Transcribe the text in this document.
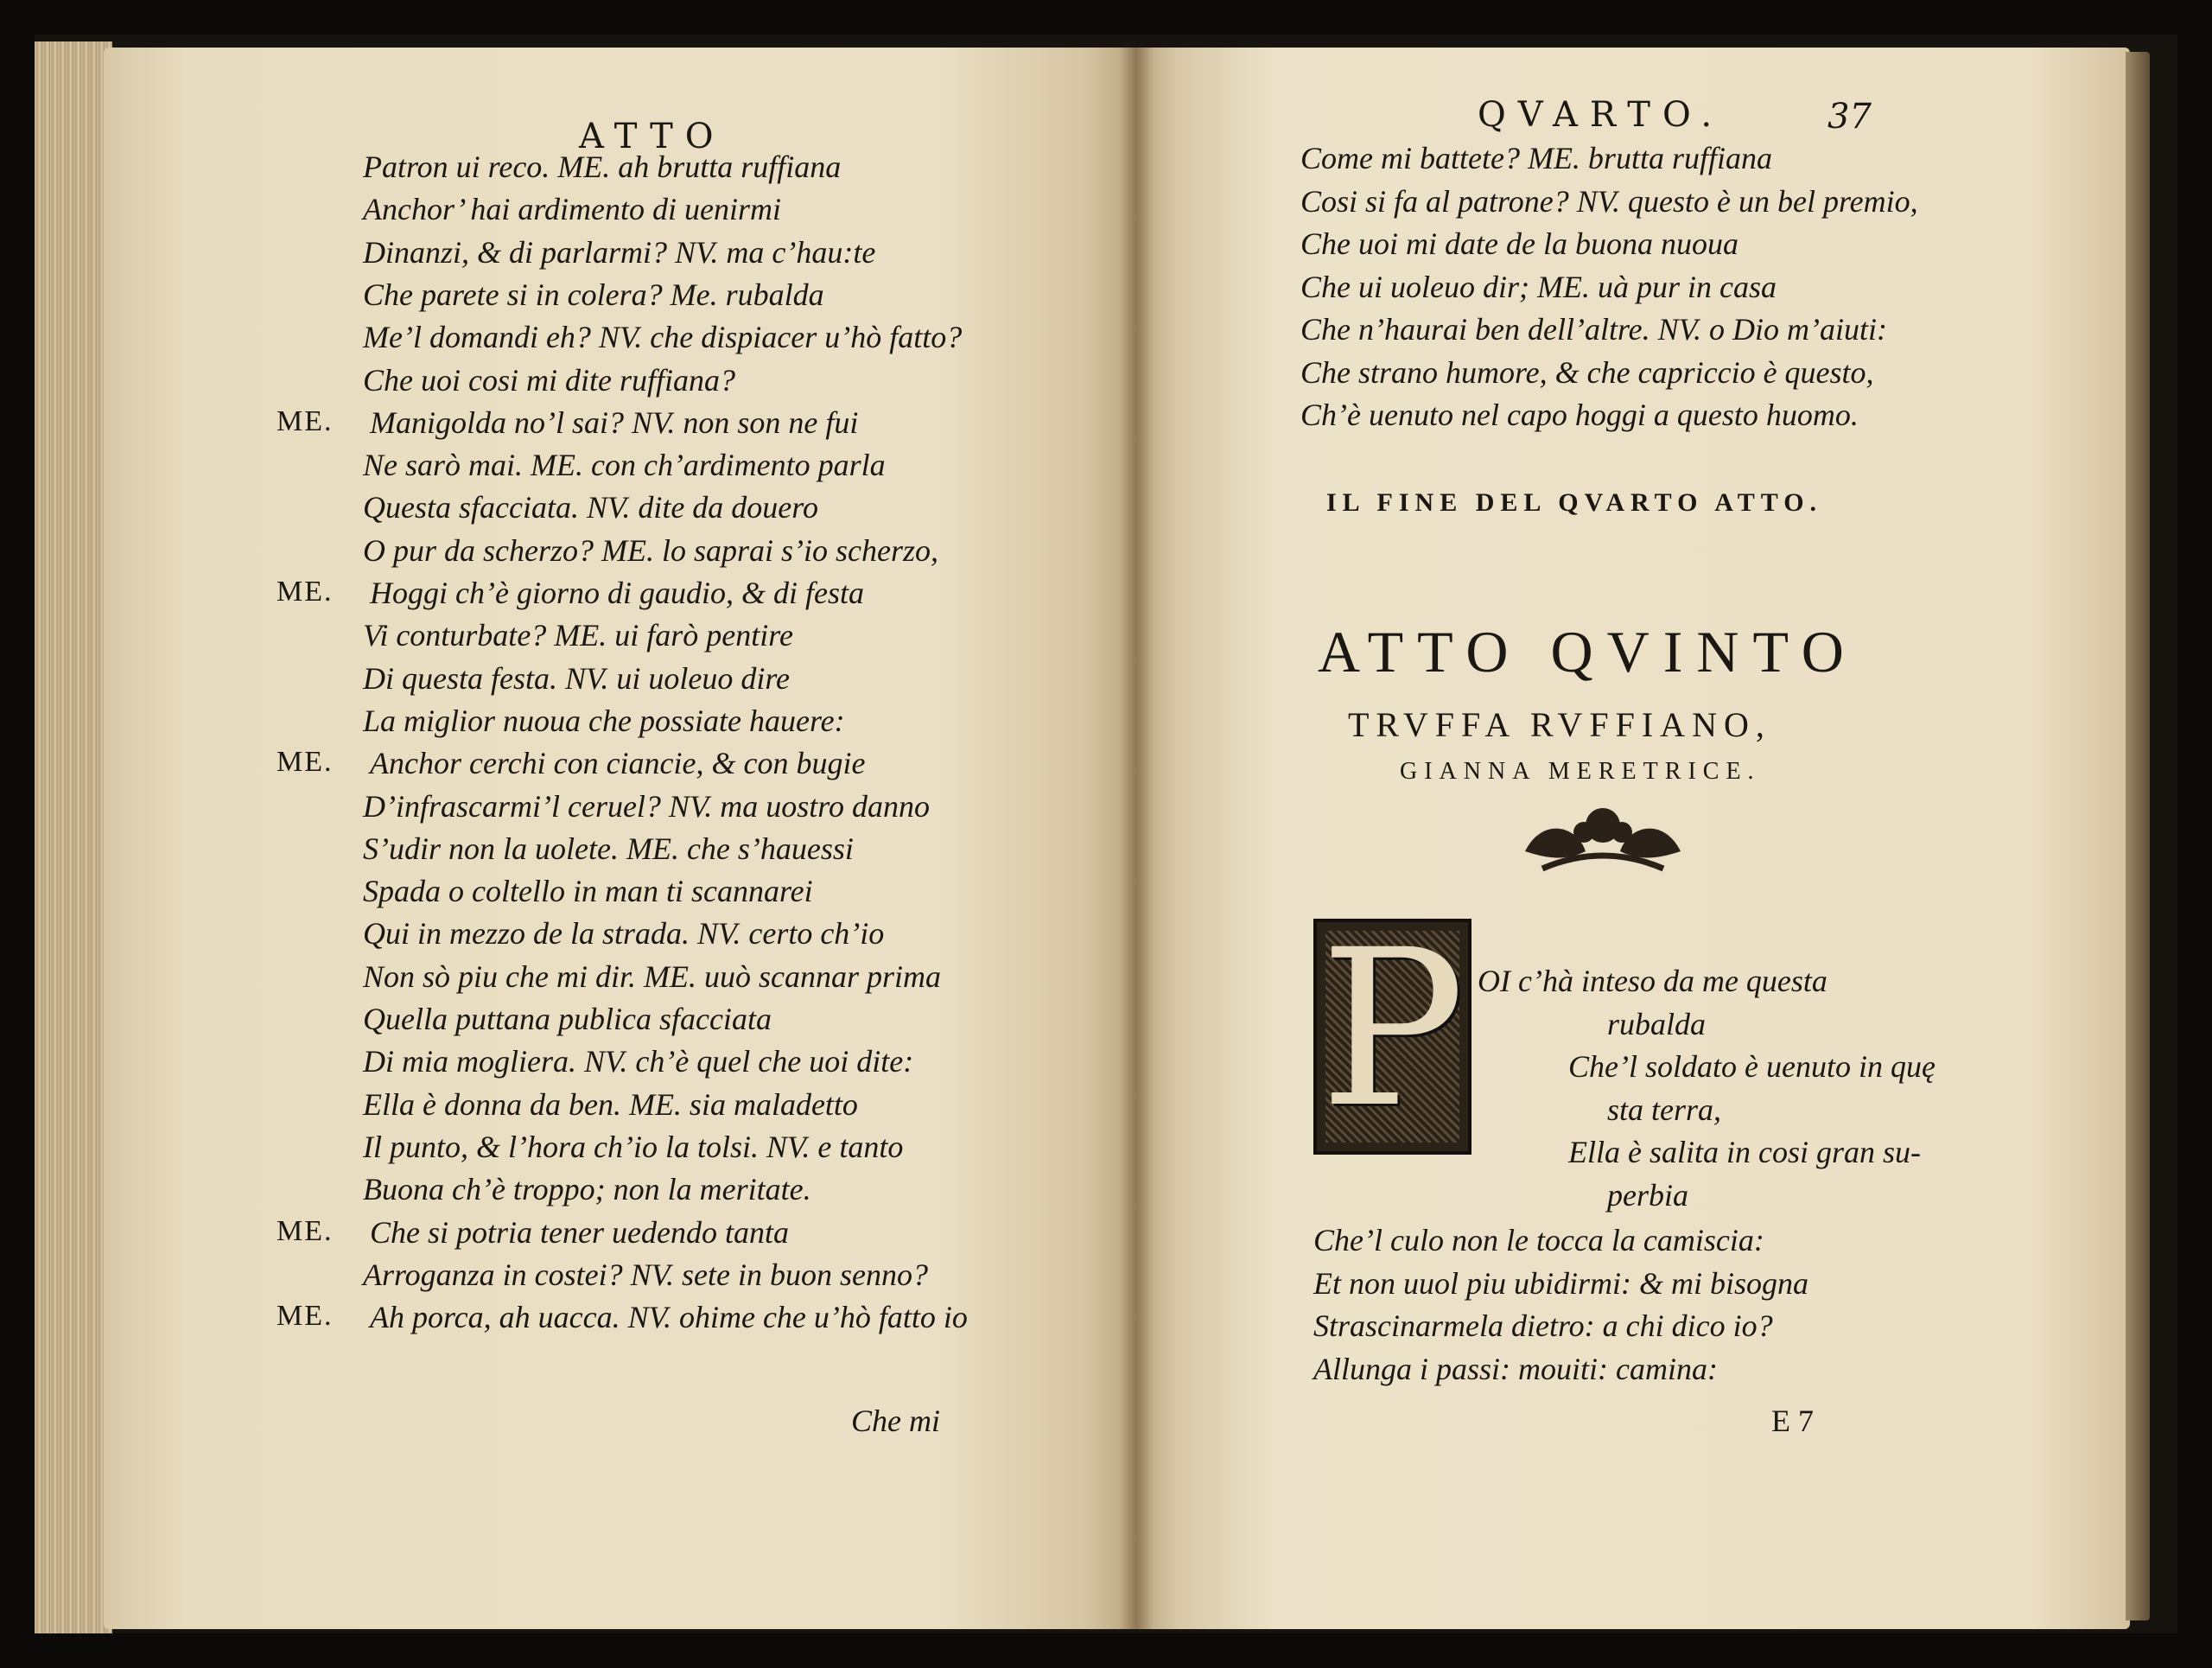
ATTO
Patron ui reco. ME. ah brutta ruffiana
Anchor’ hai ardimento di uenirmi
Dinanzi, & di parlarmi? NV. ma c’hau:te
Che parete si in colera? Me. rubalda
Me’l domandi eh? NV. che dispiacer u’hò fatto?
Che uoi cosi mi dite ruffiana?
ME. Manigolda no’l sai? NV. non son ne fui
Ne sarò mai. ME. con ch’ardimento parla
Questa sfacciata. NV. dite da douero
O pur da scherzo? ME. lo saprai s’io scherzo,
ME. Hoggi ch’è giorno di gaudio, & di festa
Vi conturbate? ME. ui farò pentire
Di questa festa. NV. ui uoleuo dire
La miglior nuoua che possiate hauere:
ME. Anchor cerchi con ciancie, & con bugie
D’infrascarmi’l ceruel? NV. ma uostro danno
S’udir non la uolete. ME. che s’hauessi
Spada o coltello in man ti scannarei
Qui in mezzo de la strada. NV. certo ch’io
Non sò piu che mi dir. ME. uuò scannar prima
Quella puttana publica sfacciata
Di mia mogliera. NV. ch’è quel che uoi dite:
Ella è donna da ben. ME. sia maladetto
Il punto, & l’hora ch’io la tolsi. NV. e tanto
Buona ch’è troppo; non la meritate.
ME. Che si potria tener uedendo tanta
Arroganza in costei? NV. sete in buon senno?
ME. Ah porca, ah uacca. NV. ohime che u’hò fatto io
Che mi
QVARTO.	37
Come mi battete? ME. brutta ruffiana
Cosi si fa al patrone? NV. questo è un bel premio,
Che uoi mi date de la buona nuoua
Che ui uoleuo dir; ME. uà pur in casa
Che n’haurai ben dell’altre. NV. o Dio m’aiuti:
Che strano humore, & che capriccio è questo,
Ch’è uenuto nel capo hoggi a questo huomo.
IL FINE DEL QVARTO ATTO.
ATTO QVINTO
TRVFFA RVFFIANO,
GIANNA MERETRICE.
P OI c’hà inteso da me questa
rubalda
Che’l soldato è uenuto in quę
sta terra,
Ella è salita in cosi gran su-
perbia
Che’l culo non le tocca la camiscia:
Et non uuol piu ubidirmi: & mi bisogna
Strascinarmela dietro: a chi dico io?
Allunga i passi: mouiti: camina:
E 7
